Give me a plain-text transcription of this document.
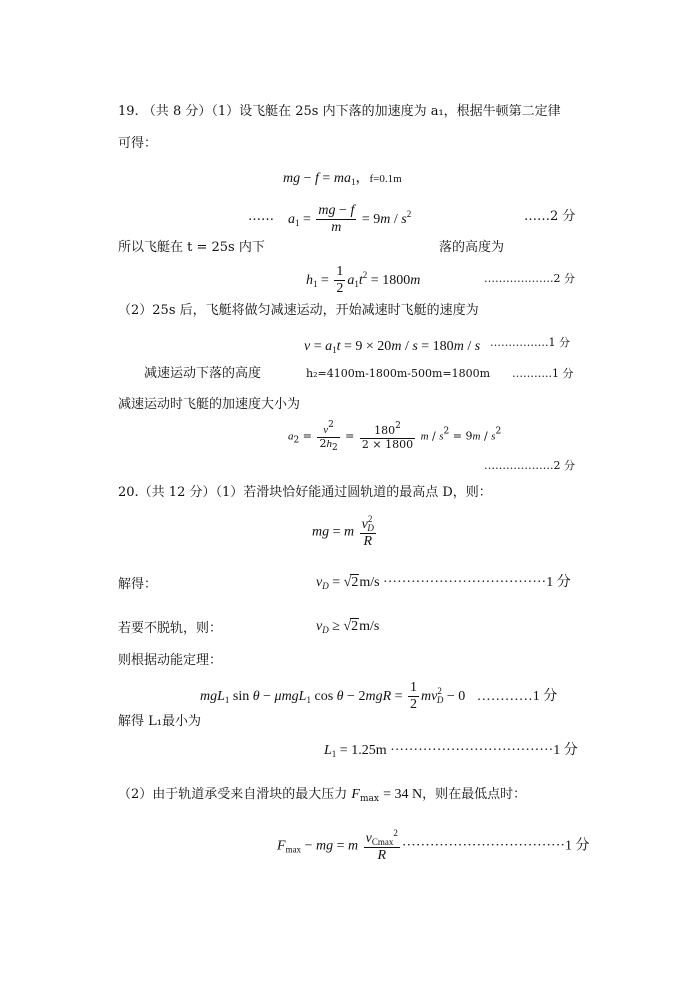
19. （共 8 分）（1）设飞艇在 25s 内下落的加速度为 a₁，根据牛顿第二定律
可得：
mg − $f = ma_1$，f=0.1m
…… $a_1 = \frac{mg - f}{m} = 9m / s^2$	……2 分
所以飞艇在 t = 25s 内下	落的高度为
$h_1 = \frac{1}{2} a_1t^2 = 1800m$	……………….2 分
（2）25s 后，飞艇将做匀减速运动，开始减速时飞艇的速度为
$v = a_1t = 9 \times 20m / s = 180m / s$ …………….1 分
减速运动下落的高度	h₂=4100m-1800m-500m=1800m ………..1 分
减速运动时飞艇的加速度大小为
$a_2 = \frac{v^2}{2h_2} = \frac{180^2}{2 \times 1800}$ $m / s^2 = 9m / s^2$
……………….2 分
20.（共 12 分）（1）若滑块恰好能通过圆轨道的最高点 D，则：
mg = m $\frac{v^2_D}{R}$
解得：	$v_D = √2m/s \cdot\cdot\cdot\cdot\cdot\cdot\cdot\cdot\cdot\cdot\cdot\cdot\cdot\cdot\cdot\cdot\cdot\cdot\cdot\cdot\cdot\cdot\cdot\cdot\cdot\cdot\cdot\cdot\cdot\cdot\cdot\cdot\cdot\cdot\cdot 1$ 分
若要不脱轨，则：	$v_D \ge √2m/s$
则根据动能定理：
mgL$_1$ sin θ − μmgL$_1$ $\cos \theta - 2mgR = \frac{1}{2} mv^2_D - 0$ …………1 分
解得 L₁最小为
$L_1 = 1.25m \cdot\cdot\cdot\cdot\cdot\cdot\cdot\cdot\cdot\cdot\cdot\cdot\cdot\cdot\cdot\cdot\cdot\cdot\cdot\cdot\cdot\cdot\cdot\cdot\cdot\cdot\cdot\cdot\cdot\cdot\cdot\cdot\cdot\cdot\cdot 1$ 分
（2）由于轨道承受来自滑块的最大压力 $F_{max} = 34$ N，则在最低点时：
$F_{max}$ − mg = m $\frac{v_{Cmax}^2}{R} \cdot\cdot\cdot\cdot\cdot\cdot\cdot\cdot\cdot\cdot\cdot\cdot\cdot\cdot\cdot\cdot\cdot\cdot\cdot\cdot\cdot\cdot\cdot\cdot\cdot\cdot\cdot\cdot\cdot\cdot\cdot\cdot\cdot\cdot\cdot 1$ 分
